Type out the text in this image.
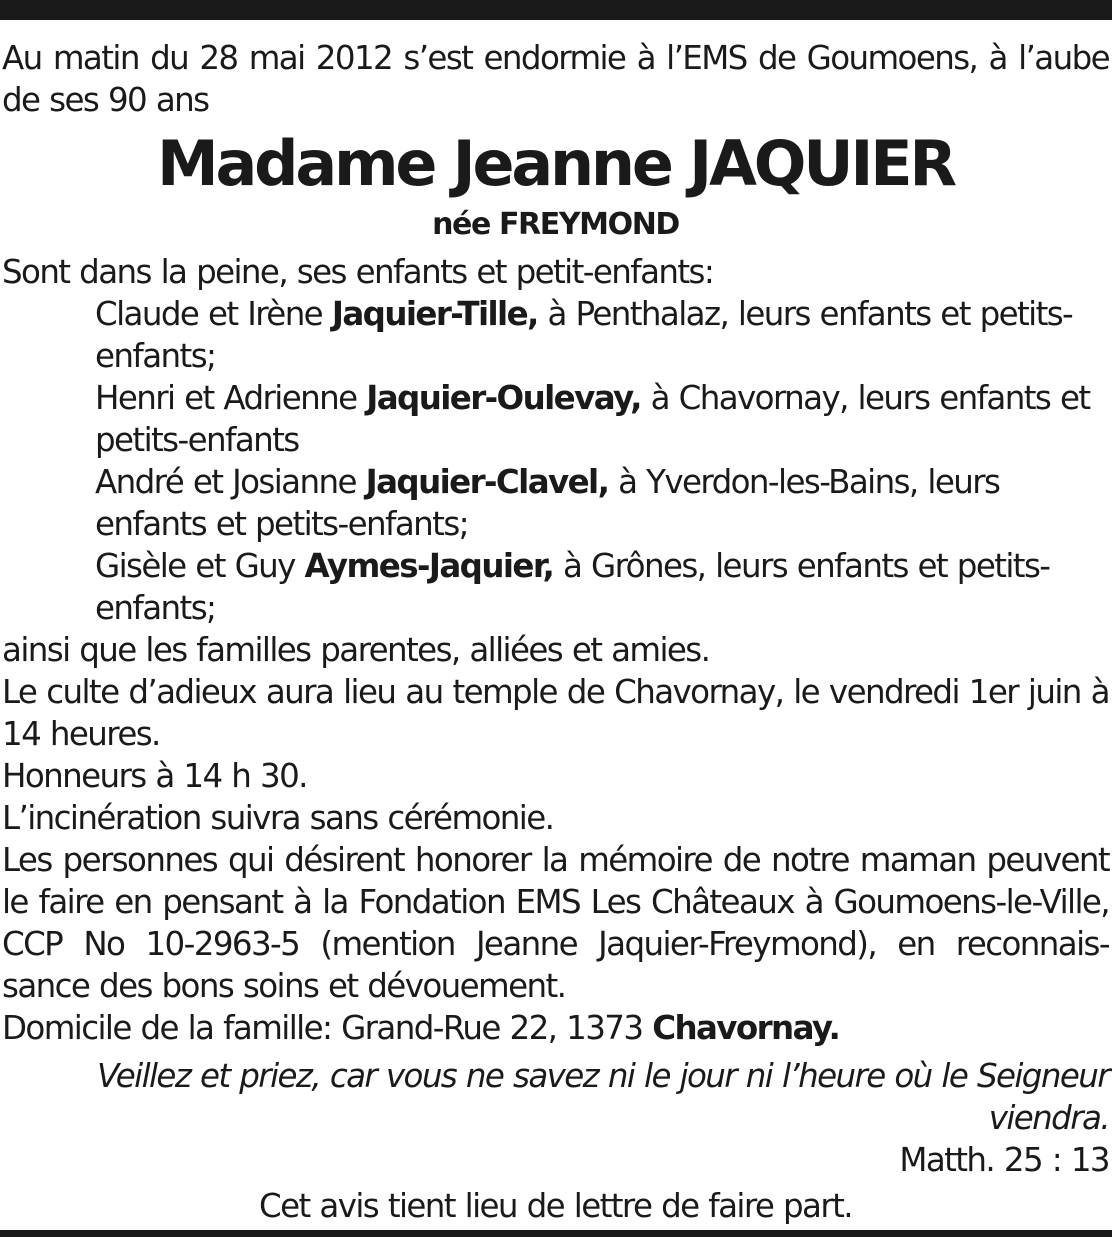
Au matin du 28 mai 2012 s’est endormie à l’EMS de Goumoens, à l’aube de ses 90 ans

Madame Jeanne JAQUIER
née FREYMOND

Sont dans la peine, ses enfants et petit-enfants:

Claude et Irène Jaquier-Tille, à Penthalaz, leurs enfants et petits-enfants;

Henri et Adrienne Jaquier-Oulevay, à Chavornay, leurs enfants et petits-enfants

André et Josianne Jaquier-Clavel, à Yverdon-les-Bains, leurs enfants et petits-enfants;

Gisèle et Guy Aymes-Jaquier, à Grônes, leurs enfants et petits-enfants;

ainsi que les familles parentes, alliées et amies.

Le culte d’adieux aura lieu au temple de Chavornay, le vendredi 1er juin à 14 heures.

Honneurs à 14 h 30.

L’incinération suivra sans cérémonie.

Les personnes qui désirent honorer la mémoire de notre maman peuvent le faire en pensant à la Fondation EMS Les Châteaux à Goumoens-le-Ville, CCP No 10-2963-5 (mention Jeanne Jaquier-Freymond), en reconnais-sance des bons soins et dévouement.

Domicile de la famille: Grand-Rue 22, 1373 Chavornay.

Veillez et priez, car vous ne savez ni le jour ni l’heure où le Seigneur viendra.

Matth. 25 : 13

Cet avis tient lieu de lettre de faire part.
